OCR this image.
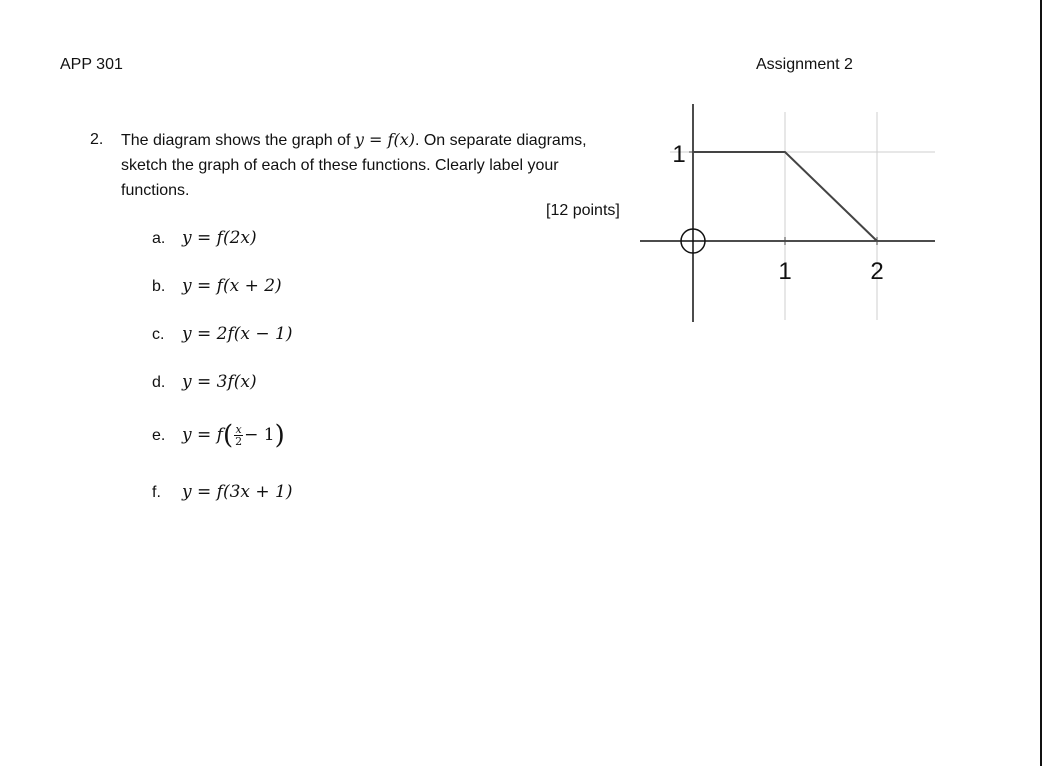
APP 301	Assignment 2
2. The diagram shows the graph of y = f(x). On separate diagrams, sketch the graph of each of these functions. Clearly label your functions.
[12 points]
a. y = f(2x)
b. y = f(x + 2)
c. y = 2f(x − 1)
d. y = 3f(x)
e. $y = f( \frac{x}{2} - 1)$
f. y = f(3x + 1)
1
1	2
